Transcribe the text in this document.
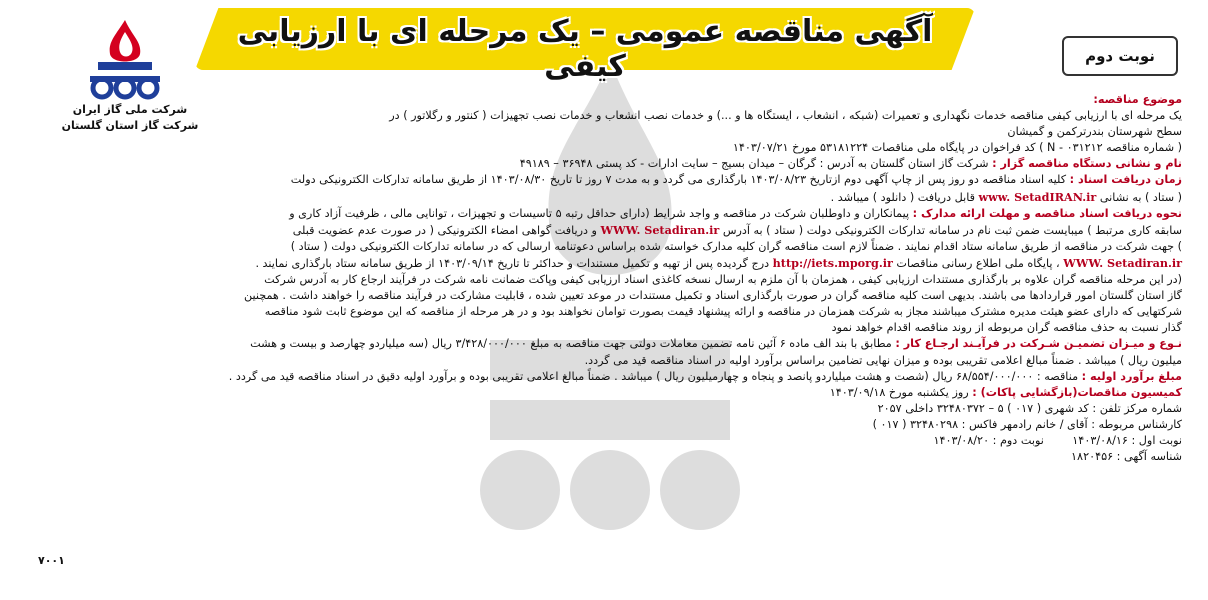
آگهی مناقصه عمومی – یک مرحله ای با ارزیابی کیفی	نوبت دوم
شرکت ملی گاز ایران
شرکت گاز استان گلستان

موضوع مناقصه:

یک مرحله ای با ارزیابی کیفی مناقصه خدمات نگهداری و تعمیرات (شبکه ، انشعاب ، ایستگاه ها و ...) و خدمات نصب انشعاب و خدمات نصب تجهیزات ( کنتور و رگلاتور ) در

سطح شهرستان بندرترکمن و گمیشان

( شماره مناقصه N - ۰۳۱۲۱۲ ) کد فراخوان در پایگاه ملی مناقصات ۵۳۱۸۱۲۲۴ مورخ ۱۴۰۳/۰۷/۲۱

نام و نشانی دستگاه مناقصه گزار : شرکت گاز استان گلستان به آدرس : گرگان – میدان بسیج – سایت ادارات - کد پستی ۳۶۹۴۸ – ۴۹۱۸۹

زمان دریافت اسناد : کلیه اسناد مناقصه دو روز پس از چاپ آگهی دوم ازتاریخ ۱۴۰۳/۰۸/۲۳ بارگذاری می گردد و به مدت ۷ روز تا تاریخ ۱۴۰۳/۰۸/۳۰ از طریق سامانه تدارکات الکترونیکی دولت

( ستاد ) به نشانی www. SetadIRAN.ir قابل دریافت ( دانلود ) میباشد .

نحوه دریافت اسناد مناقصه و مهلت ارائه مدارک : پیمانکاران و داوطلبان شرکت در مناقصه و واجد شرایط (دارای حداقل رتبه ۵ تاسیسات و تجهیزات ، توانایی مالی ، ظرفیت آزاد کاری و

سابقه کاری مرتبط ) میبایست ضمن ثبت نام در سامانه تدارکات الکترونیکی دولت ( ستاد ) به آدرس WWW. Setadiran.ir و دریافت گواهی امضاء الکترونیکی ( در صورت عدم عضویت قبلی

) جهت شرکت در مناقصه از طریق سامانه ستاد اقدام نمایند . ضمناً لازم است مناقصه گران کلیه مدارک خواسته شده براساس دعوتنامه ارسالی که در سامانه تدارکات الکترونیکی دولت ( ستاد )

WWW. Setadiran.ir ، پایگاه ملی اطلاع رسانی مناقصات http://iets.mporg.ir درج گردیده پس از تهیه و تکمیل مستندات و حداکثر تا تاریخ ۱۴۰۳/۰۹/۱۴ از طریق سامانه ستاد بارگذاری نمایند .

(در این مرحله مناقصه گران علاوه بر بارگذاری مستندات ارزیابی کیفی ، همزمان با آن ملزم به ارسال نسخه کاغذی اسناد ارزیابی کیفی وپاکت ضمانت نامه شرکت در فرآیند ارجاع کار به آدرس شرکت

گاز استان گلستان امور قراردادها می باشند. بدیهی است کلیه مناقصه گران در صورت بارگذاری اسناد و تکمیل مستندات در موعد تعیین شده ، قابلیت مشارکت در فرآیند مناقصه را خواهند داشت . همچنین

شرکتهایی که دارای عضو هیئت مدیره مشترک میباشند مجاز به شرکت همزمان در مناقصه و ارائه پیشنهاد قیمت بصورت توامان نخواهند بود و در هر مرحله از مناقصه که این موضوع ثابت شود مناقصه

گذار نسبت به حذف مناقصه گران مربوطه از روند مناقصه اقدام خواهد نمود

نـوع و میـزان تضمیـن شـرکت در فرآیـند ارجـاع کار : مطابق با بند الف ماده ۶ آئین نامه تضمین معاملات دولتی جهت مناقصه به مبلغ ۳/۴۲۸/۰۰۰/۰۰۰ ریال (سه میلیاردو چهارصد و بیست و هشت

میلیون ریال ) میباشد . ضمناً مبالغ اعلامی تقریبی بوده و میزان نهایی تضامین براساس برآورد اولیه در اسناد مناقصه قید می گردد.

مبلغ برآورد اولیه : مناقصه : ۶۸/۵۵۴/۰۰۰/۰۰۰ ریال (شصت و هشت میلیاردو پانصد و پنجاه و چهارمیلیون ریال ) میباشد . ضمناً مبالغ اعلامی تقریبی بوده و برآورد اولیه دقیق در اسناد مناقصه قید می گردد .

کمیسیون مناقصات(بازگشایی پاکات) : روز یکشنبه مورخ ۱۴۰۳/۰۹/۱۸

شماره مرکز تلفن : کد شهری ( ۰۱۷ ) ۵ – ۳۲۴۸۰۳۷۲ داخلی ۲۰۵۷

کارشناس مربوطه : آقای / خانم رادمهر فاکس : ۳۲۴۸۰۲۹۸ ( ۰۱۷ )

نوبت اول : ۱۴۰۳/۰۸/۱۶        نوبت دوم : ۱۴۰۳/۰۸/۲۰

شناسه آگهی : ۱۸۲۰۴۵۶

۷۰۰۱
